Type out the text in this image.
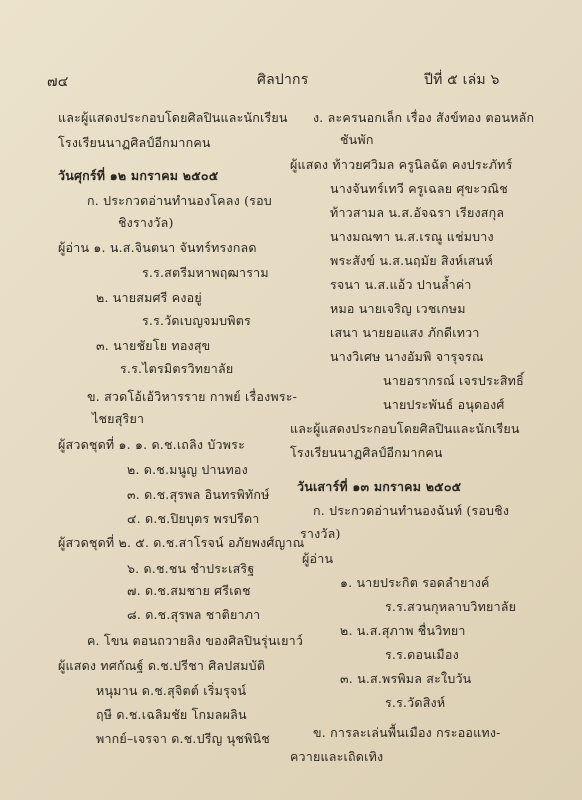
๗๔	ศิลปากร	ปีที่ ๕ เล่ม ๖
และผู้แสดงประกอบโดยศิลปินและนักเรียน
โรงเรียนนาฏศิลป์อีกมากคน
วันศุกร์ที่ ๑๒ มกราคม ๒๕๐๕
ก. ประกวดอ่านทำนองโคลง (รอบ
ชิงรางวัล)
ผู้อ่าน ๑. น.ส.จินตนา จันทร์ทรงกลด
ร.ร.สตรีมหาพฤฒาราม
๒. นายสมศรี คงอยู่
ร.ร.วัดเบญจมบพิตร
๓. นายชัยโย ทองสุข
ร.ร.ไตรมิตรวิทยาลัย
ข. สวดโอ้เอ้วิหารราย กาพย์ เรื่องพระ-
ไชยสุริยา
ผู้สวดชุดที่ ๑. ๑. ด.ช.เถลิง บัวพระ
๒. ด.ช.มนูญ ปานทอง
๓. ด.ช.สุรพล อินทรพิทักษ์
๔. ด.ช.ปิยบุตร พรปรีดา
ผู้สวดชุดที่ ๒. ๕. ด.ช.สาโรจน์ อภัยพงศ์ญาณ
๖. ด.ช.ชน ชำประเสริฐ
๗. ด.ช.สมชาย ศรีเดช
๘. ด.ช.สุรพล ชาติยาภา
ค. โขน ตอนถวายลิง ของศิลปินรุ่นเยาว์
ผู้แสดง ทศกัณฐ์ ด.ช.ปรีชา ศิลปสมบัติ
หนุมาน ด.ช.สุจิตต์ เริ่มรุจน์
ฤษี ด.ช.เฉลิมชัย โกมลผลิน
พากย์–เจรจา ด.ช.ปรีญ นุชพินิช
ง. ละครนอกเล็ก เรื่อง สังข์ทอง ตอนหลัก
ชันพัก
ผู้แสดง ท้าวยศวิมล ครูนิลฉัต คงประภัทร์
นางจันทร์เทวี ครูเฉลย ศุขะวณิช
ท้าวสามล น.ส.อัจฉรา เรียงสกุล
นางมณฑา น.ส.เรณู แช่มบาง
พระสังข์ น.ส.นฤมัย สิงห์เสนห์
รจนา น.ส.แอ้ว ปานล้ำค่า
หมอ นายเจริญ เวชเกษม
เสนา นายยอแสง ภักดีเทวา
นางวิเศษ นางอัมพิ จารุจรณ
นายอรากรณ์ เจรประสิทธิ์
นายประพันธ์ อนุดองศ์
และผู้แสดงประกอบโดยศิลปินและนักเรียน
โรงเรียนนาฏศิลป์อีกมากคน
วันเสาร์ที่ ๑๓ มกราคม ๒๕๐๕
ก. ประกวดอ่านทำนองฉันท์ (รอบชิง
รางวัล)
ผู้อ่าน
๑. นายประกิต รอดลำยางค์
ร.ร.สวนกุหลาบวิทยาลัย
๒. น.ส.สุภาพ ชื่นวิทยา
ร.ร.ดอนเมือง
๓. น.ส.พรพิมล สะใบวัน
ร.ร.วัดสิงห์
ข. การละเล่นพื้นเมือง กระออแทง-
ควายและเถิดเทิง
